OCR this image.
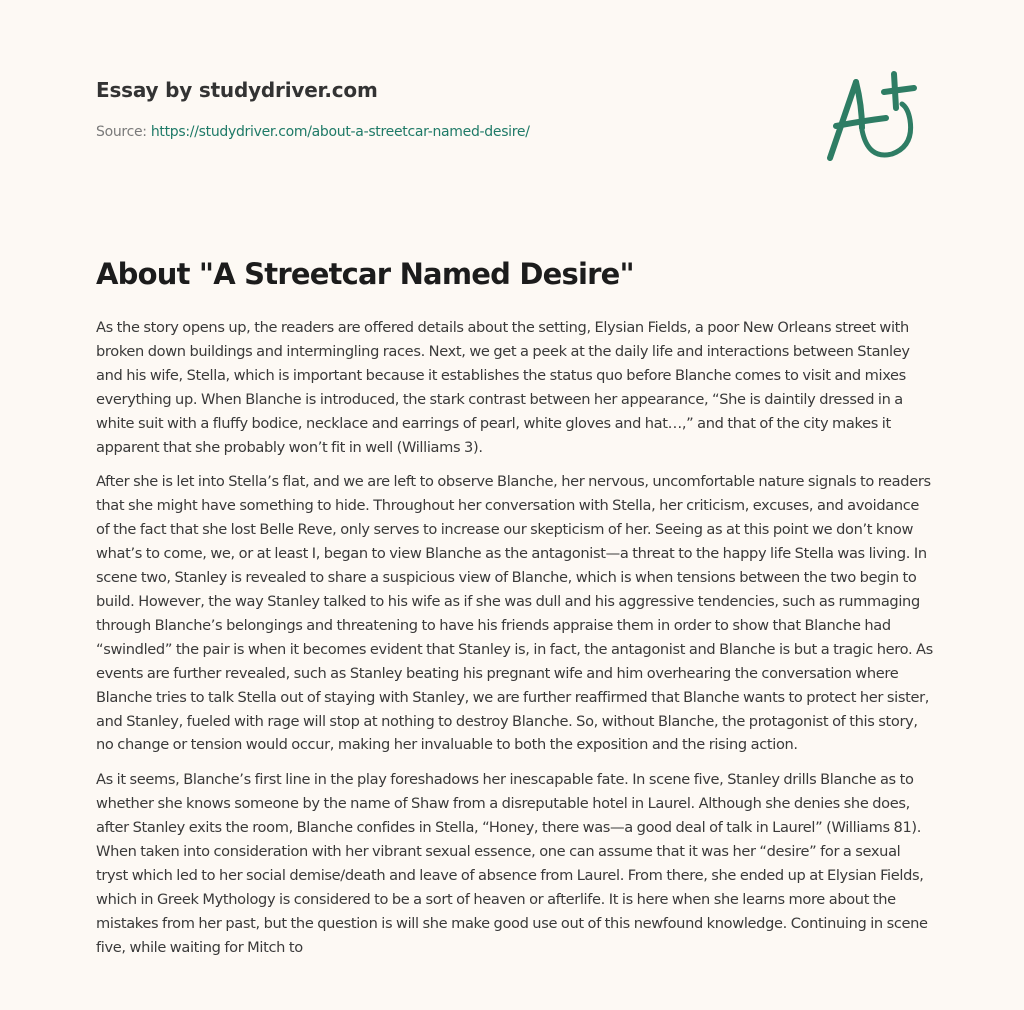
Essay by studydriver.com
Source: https://studydriver.com/about-a-streetcar-named-desire/
About "A Streetcar Named Desire"

As the story opens up, the readers are offered details about the setting, Elysian Fields, a poor New Orleans street with broken down buildings and intermingling races. Next, we get a peek at the daily life and interactions between Stanley and his wife, Stella, which is important because it establishes the status quo before Blanche comes to visit and mixes everything up. When Blanche is introduced, the stark contrast between her appearance, “She is daintily dressed in a white suit with a fluffy bodice, necklace and earrings of pearl, white gloves and hat…,” and that of the city makes it apparent that she probably won’t fit in well (Williams 3).

After she is let into Stella’s flat, and we are left to observe Blanche, her nervous, uncomfortable nature signals to readers that she might have something to hide. Throughout her conversation with Stella, her criticism, excuses, and avoidance of the fact that she lost Belle Reve, only serves to increase our skepticism of her. Seeing as at this point we don’t know what’s to come, we, or at least I, began to view Blanche as the antagonist—a threat to the happy life Stella was living. In scene two, Stanley is revealed to share a suspicious view of Blanche, which is when tensions between the two begin to build. However, the way Stanley talked to his wife as if she was dull and his aggressive tendencies, such as rummaging through Blanche’s belongings and threatening to have his friends appraise them in order to show that Blanche had “swindled” the pair is when it becomes evident that Stanley is, in fact, the antagonist and Blanche is but a tragic hero. As events are further revealed, such as Stanley beating his pregnant wife and him overhearing the conversation where Blanche tries to talk Stella out of staying with Stanley, we are further reaffirmed that Blanche wants to protect her sister, and Stanley, fueled with rage will stop at nothing to destroy Blanche. So, without Blanche, the protagonist of this story, no change or tension would occur, making her invaluable to both the exposition and the rising action.

As it seems, Blanche’s first line in the play foreshadows her inescapable fate. In scene five, Stanley drills Blanche as to whether she knows someone by the name of Shaw from a disreputable hotel in Laurel. Although she denies she does, after Stanley exits the room, Blanche confides in Stella, “Honey, there was—a good deal of talk in Laurel” (Williams 81). When taken into consideration with her vibrant sexual essence, one can assume that it was her “desire” for a sexual tryst which led to her social demise/death and leave of absence from Laurel. From there, she ended up at Elysian Fields, which in Greek Mythology is considered to be a sort of heaven or afterlife. It is here when she learns more about the mistakes from her past, but the question is will she make good use out of this newfound knowledge. Continuing in scene five, while waiting for Mitch to
